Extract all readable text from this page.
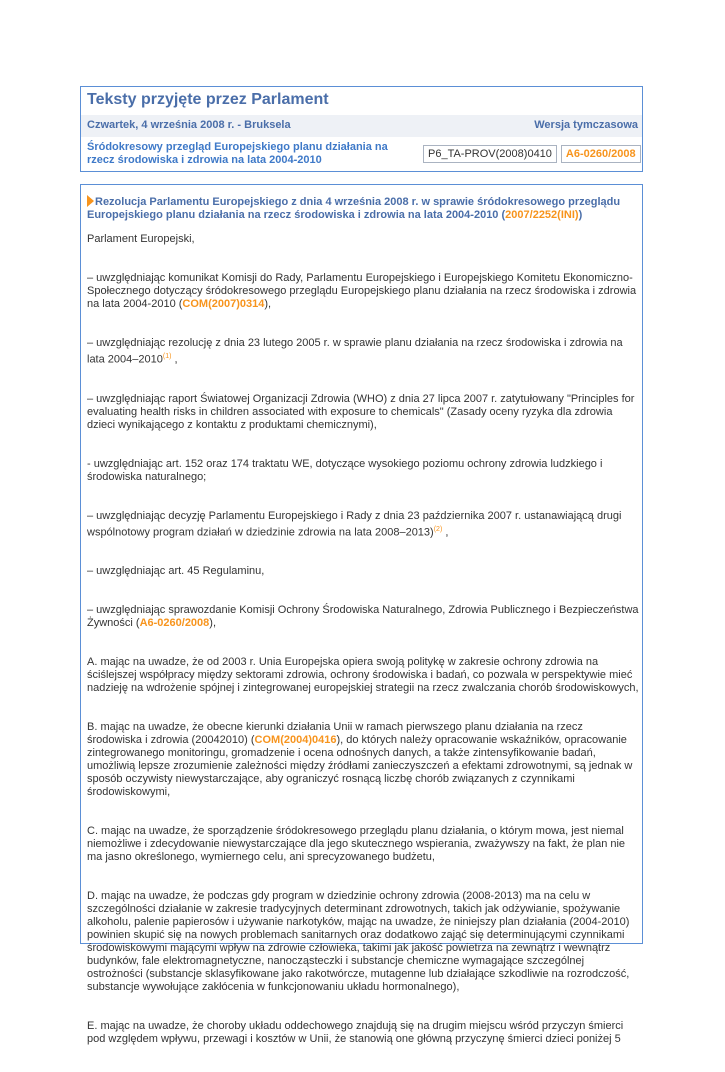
Teksty przyjęte przez Parlament
Czwartek, 4 września 2008 r. - Bruksela	Wersja tymczasowa
Śródokresowy przegląd Europejskiego planu działania na rzecz środowiska i zdrowia na lata 2004-2010	P6_TA-PROV(2008)0410	A6-0260/2008
Rezolucja Parlamentu Europejskiego z dnia 4 września 2008 r. w sprawie śródokresowego przeglądu Europejskiego planu działania na rzecz środowiska i zdrowia na lata 2004-2010 (2007/2252(INI))

Parlament Europejski,

– uwzględniając komunikat Komisji do Rady, Parlamentu Europejskiego i Europejskiego Komitetu Ekonomiczno-Społecznego dotyczący śródokresowego przeglądu Europejskiego planu działania na rzecz środowiska i zdrowia na lata 2004-2010 (COM(2007)0314),

– uwzględniając rezolucję z dnia 23 lutego 2005 r. w sprawie planu działania na rzecz środowiska i zdrowia na lata 2004–2010$^{(1)}$ ,

– uwzględniając raport Światowej Organizacji Zdrowia (WHO) z dnia 27 lipca 2007 r. zatytułowany "Principles for evaluating health risks in children associated with exposure to chemicals" (Zasady oceny ryzyka dla zdrowia dzieci wynikającego z kontaktu z produktami chemicznymi),

- uwzględniając art. 152 oraz 174 traktatu WE, dotyczące wysokiego poziomu ochrony zdrowia ludzkiego i środowiska naturalnego;

– uwzględniając decyzję Parlamentu Europejskiego i Rady z dnia 23 października 2007 r. ustanawiającą drugi wspólnotowy program działań w dziedzinie zdrowia na lata 2008–2013)$^{(2)}$ ,

– uwzględniając art. 45 Regulaminu,

– uwzględniając sprawozdanie Komisji Ochrony Środowiska Naturalnego, Zdrowia Publicznego i Bezpieczeństwa Żywności (A6-0260/2008),

A. mając na uwadze, że od 2003 r. Unia Europejska opiera swoją politykę w zakresie ochrony zdrowia na ściślejszej współpracy między sektorami zdrowia, ochrony środowiska i badań, co pozwala w perspektywie mieć nadzieję na wdrożenie spójnej i zintegrowanej europejskiej strategii na rzecz zwalczania chorób środowiskowych,

B. mając na uwadze, że obecne kierunki działania Unii w ramach pierwszego planu działania na rzecz środowiska i zdrowia (20042010) (COM(2004)0416), do których należy opracowanie wskaźników, opracowanie zintegrowanego monitoringu, gromadzenie i ocena odnośnych danych, a także zintensyfikowanie badań, umożliwią lepsze zrozumienie zależności między źródłami zanieczyszczeń a efektami zdrowotnymi, są jednak w sposób oczywisty niewystarczające, aby ograniczyć rosnącą liczbę chorób związanych z czynnikami środowiskowymi,

C. mając na uwadze, że sporządzenie śródokresowego przeglądu planu działania, o którym mowa, jest niemal niemożliwe i zdecydowanie niewystarczające dla jego skutecznego wspierania, zważywszy na fakt, że plan nie ma jasno określonego, wymiernego celu, ani sprecyzowanego budżetu,

D. mając na uwadze, że podczas gdy program w dziedzinie ochrony zdrowia (2008-2013) ma na celu w szczególności działanie w zakresie tradycyjnych determinant zdrowotnych, takich jak odżywianie, spożywanie alkoholu, palenie papierosów i używanie narkotyków, mając na uwadze, że niniejszy plan działania (2004-2010) powinien skupić się na nowych problemach sanitarnych oraz dodatkowo zająć się determinującymi czynnikami środowiskowymi mającymi wpływ na zdrowie człowieka, takimi jak jakość powietrza na zewnątrz i wewnątrz budynków, fale elektromagnetyczne, nanocząsteczki i substancje chemiczne wymagające szczególnej ostrożności (substancje sklasyfikowane jako rakotwórcze, mutagenne lub działające szkodliwie na rozrodczość, substancje wywołujące zakłócenia w funkcjonowaniu układu hormonalnego),

E. mając na uwadze, że choroby układu oddechowego znajdują się na drugim miejscu wśród przyczyn śmierci pod względem wpływu, przewagi i kosztów w Unii, że stanowią one główną przyczynę śmierci dzieci poniżej 5
